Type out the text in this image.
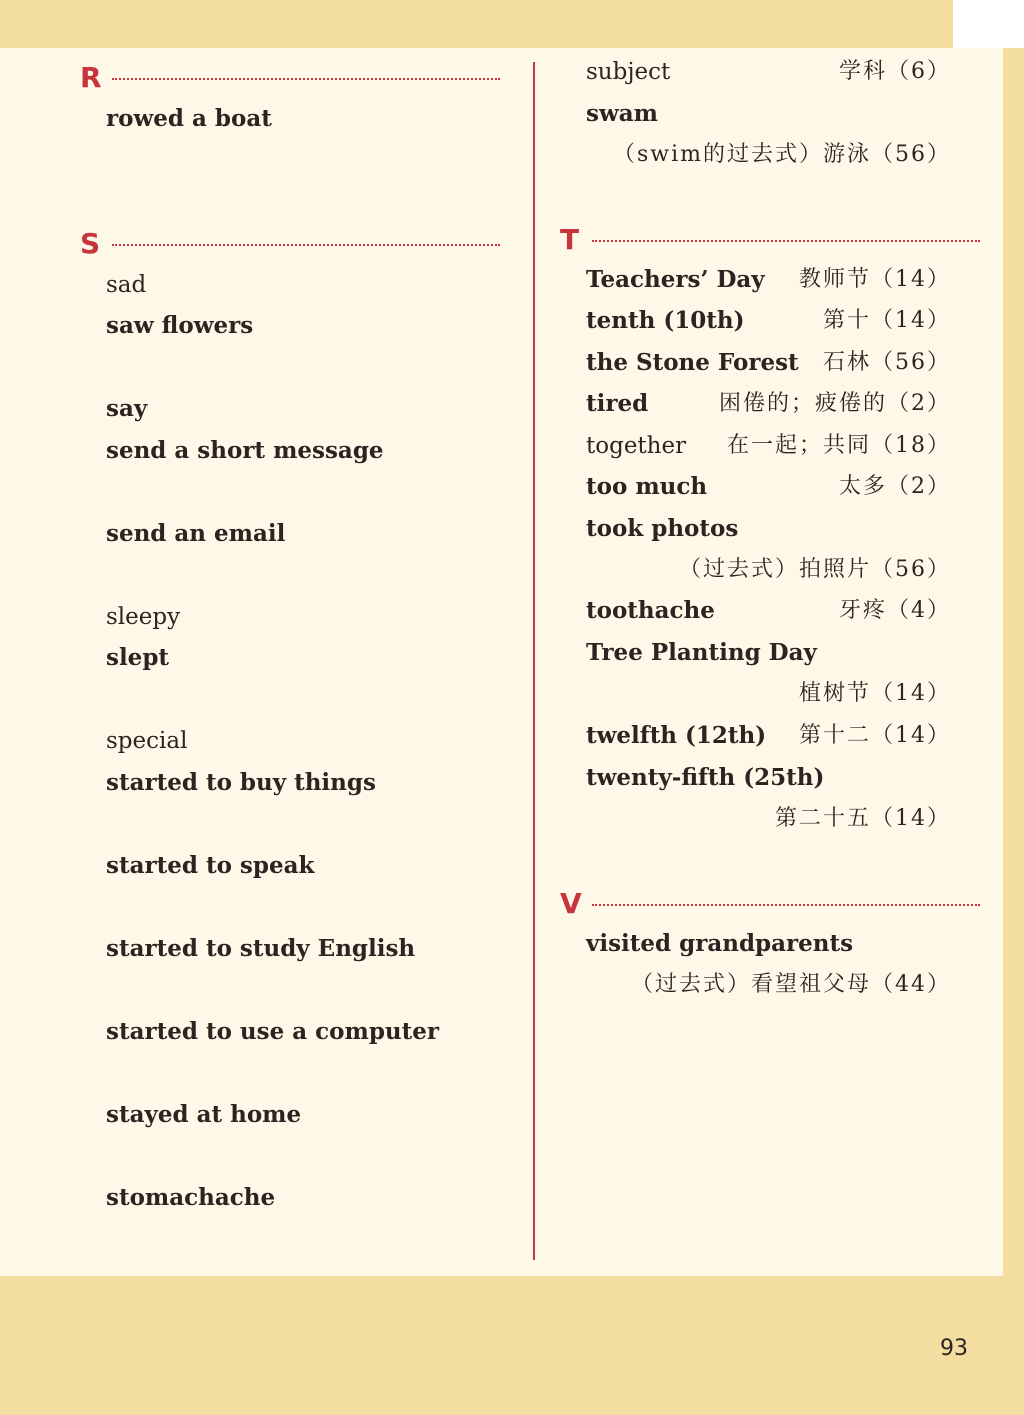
R
rowed a boat
S
sad
saw flowers
say
send a short message
send an email
sleepy
slept
special
started to buy things
started to speak
started to study English
started to use a computer
stayed at home
stomachache
subject	学科（6）
swam
（swim的过去式）游泳（56）
T
Teachers’ Day 教师节（14）
tenth (10th)	第十（14）
the Stone Forest 石林（56）
tired	困倦的；疲倦的（2）
together 在一起；共同（18）
too much	太多（2）
took photos
（过去式）拍照片（56）
toothache	牙疼（4）
Tree Planting Day
植树节（14）
twelfth (12th) 第十二（14）
twenty-fifth (25th)
第二十五（14）
V
visited grandparents
（过去式）看望祖父母（44）
93
